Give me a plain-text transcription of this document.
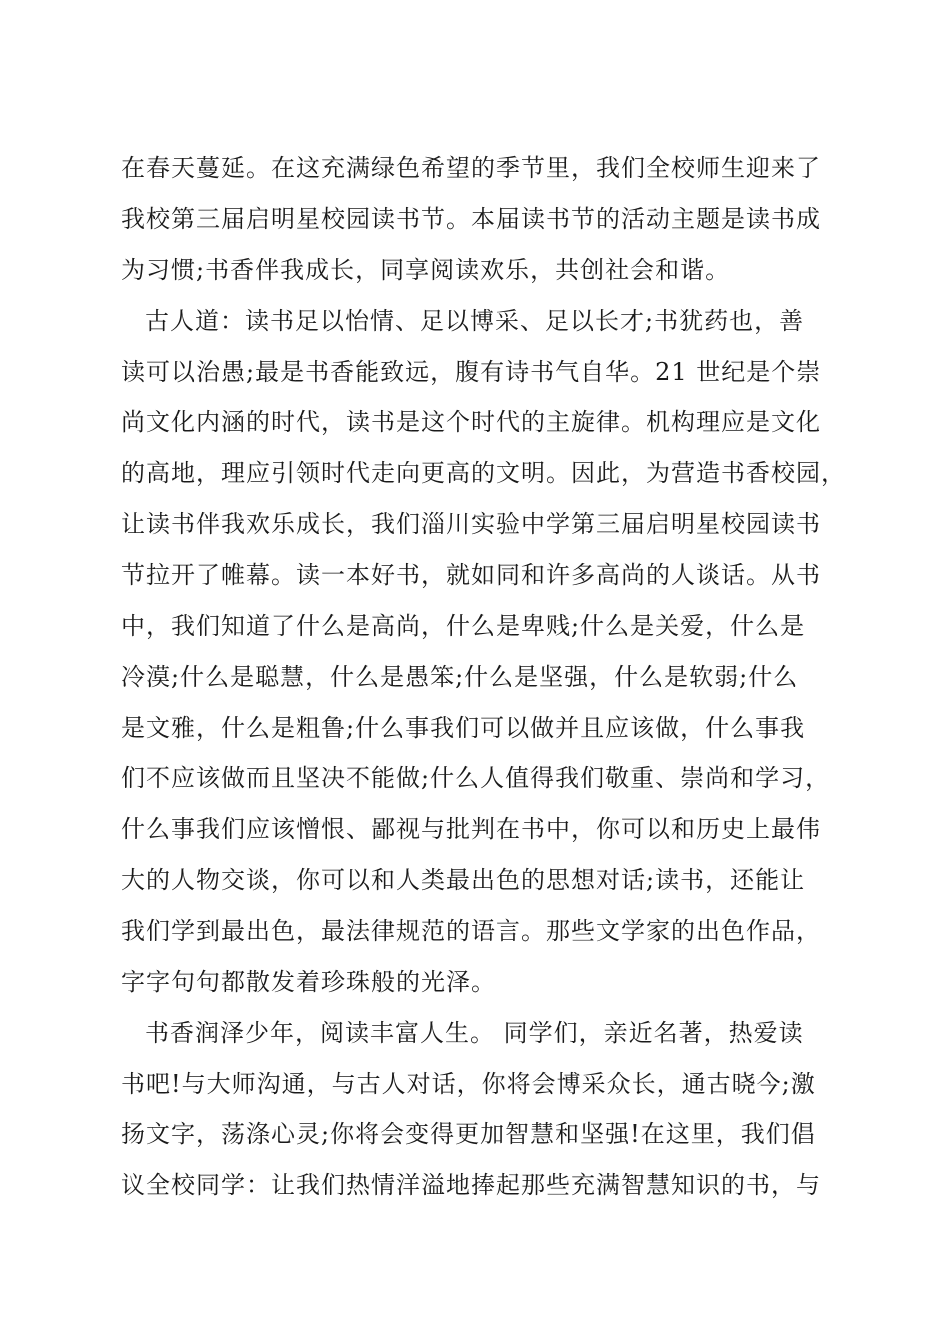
在春天蔓延。在这充满绿色希望的季节里，我们全校师生迎来了
我校第三届启明星校园读书节。本届读书节的活动主题是读书成
为习惯;书香伴我成长，同享阅读欢乐，共创社会和谐。
古人道：读书足以怡情、足以博采、足以长才;书犹药也，善
读可以治愚;最是书香能致远，腹有诗书气自华。21 世纪是个崇
尚文化内涵的时代，读书是这个时代的主旋律。机构理应是文化
的高地，理应引领时代走向更高的文明。因此，为营造书香校园，
让读书伴我欢乐成长，我们淄川实验中学第三届启明星校园读书
节拉开了帷幕。读一本好书，就如同和许多高尚的人谈话。从书
中，我们知道了什么是高尚，什么是卑贱;什么是关爱，什么是
冷漠;什么是聪慧，什么是愚笨;什么是坚强，什么是软弱;什么
是文雅，什么是粗鲁;什么事我们可以做并且应该做，什么事我
们不应该做而且坚决不能做;什么人值得我们敬重、崇尚和学习，
什么事我们应该憎恨、鄙视与批判在书中，你可以和历史上最伟
大的人物交谈，你可以和人类最出色的思想对话;读书，还能让
我们学到最出色，最法律规范的语言。那些文学家的出色作品，
字字句句都散发着珍珠般的光泽。
书香润泽少年，阅读丰富人生。 同学们，亲近名著，热爱读
书吧!与大师沟通，与古人对话，你将会博采众长，通古晓今;激
扬文字，荡涤心灵;你将会变得更加智慧和坚强!在这里，我们倡
议全校同学：让我们热情洋溢地捧起那些充满智慧知识的书，与
